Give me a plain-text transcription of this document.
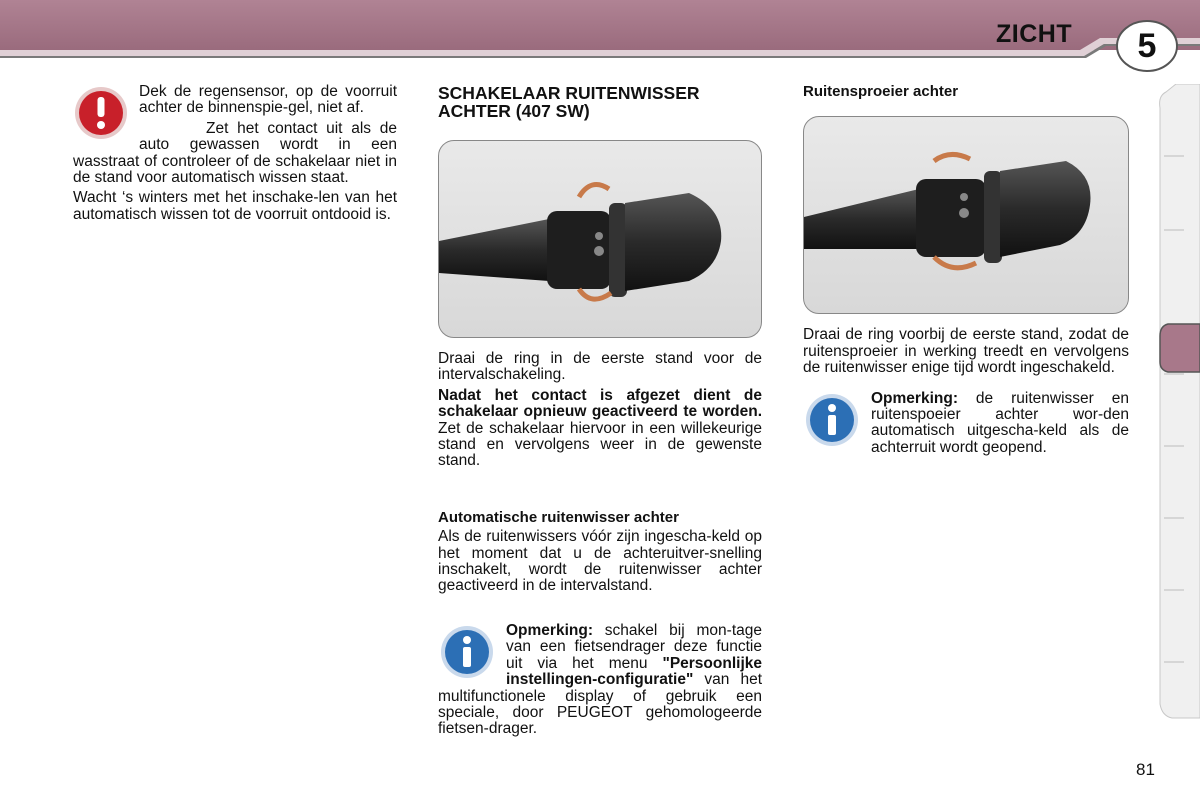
ZICHT	5

Dek de regensensor, op de voorruit achter de binnenspie-gel, niet af.

Zet het contact uit als de auto gewassen wordt in een wasstraat of controleer of de schakelaar niet in de stand voor automatisch wissen staat.

Wacht ‘s winters met het inschake-len van het automatisch wissen tot de voorruit ontdooid is.

SCHAKELAAR RUITENWISSER
ACHTER (407 SW)

Draai de ring in de eerste stand voor de intervalschakeling.

Nadat het contact is afgezet dient de schakelaar opnieuw geactiveerd te worden. Zet de schakelaar hiervoor in een willekeurige stand en vervolgens weer in de gewenste stand.

Automatische ruitenwisser achter

Als de ruitenwissers vóór zijn ingescha-keld op het moment dat u de achteruitver-snelling inschakelt, wordt de ruitenwisser achter geactiveerd in de intervalstand.

Opmerking: schakel bij mon-tage van een fietsendrager deze functie uit via het menu "Persoonlijke instellingen-configuratie" van het multifunctionele display of gebruik een speciale, door PEUGEOT gehomologeerde fietsen-drager.

Ruitensproeier achter

Draai de ring voorbij de eerste stand, zodat de ruitensproeier in werking treedt en vervolgens de ruitenwisser enige tijd wordt ingeschakeld.

Opmerking: de ruitenwisser en ruitenspoeier achter wor-den automatisch uitgescha-keld als de achterruit wordt geopend.

81
